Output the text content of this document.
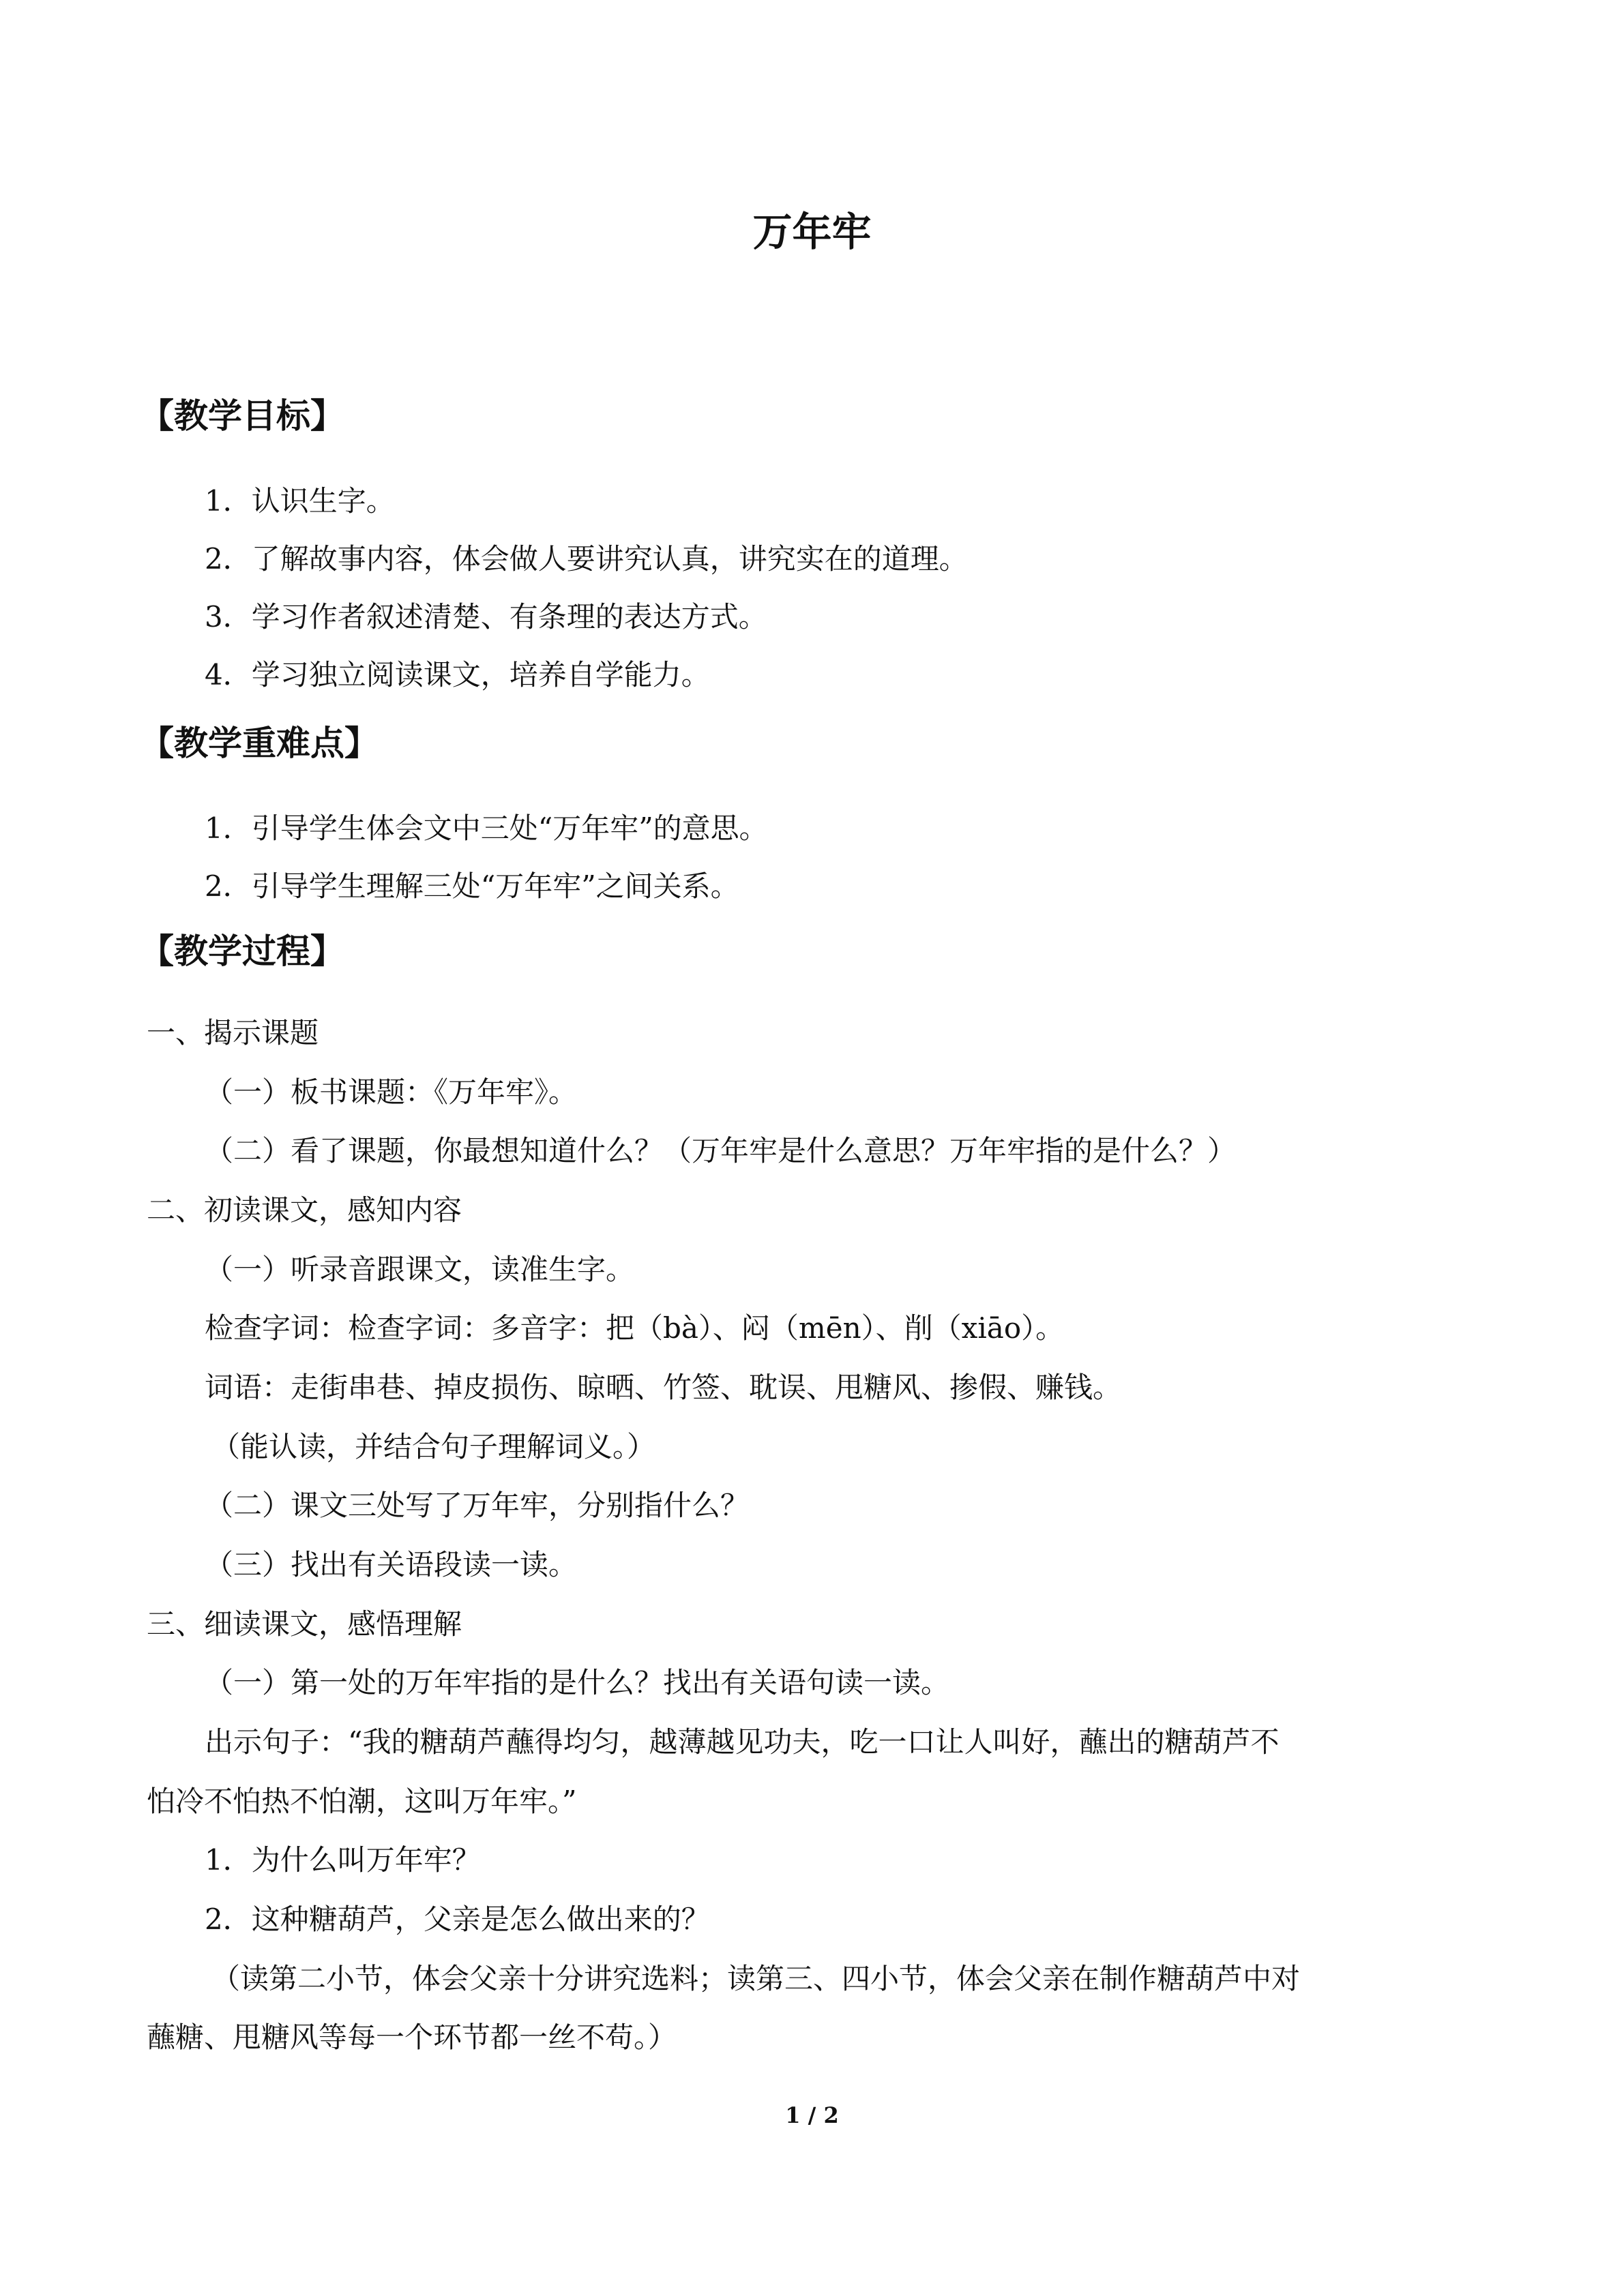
万年牢
【教学目标】
1．认识生字。
2．了解故事内容，体会做人要讲究认真，讲究实在的道理。
3．学习作者叙述清楚、有条理的表达方式。
4．学习独立阅读课文，培养自学能力。
【教学重难点】
1．引导学生体会文中三处“万年牢”的意思。
2．引导学生理解三处“万年牢”之间关系。
【教学过程】
一、揭示课题
（一）板书课题：《万年牢》。
（二）看了课题，你最想知道什么？（万年牢是什么意思？万年牢指的是什么？）
二、初读课文，感知内容
（一）听录音跟课文，读准生字。
检查字词：检查字词：多音字：把（bà）、闷（mēn）、削（xiāo）。
词语：走街串巷、掉皮损伤、晾晒、竹签、耽误、甩糖风、掺假、赚钱。
（能认读，并结合句子理解词义。）
（二）课文三处写了万年牢，分别指什么？
（三）找出有关语段读一读。
三、细读课文，感悟理解
（一）第一处的万年牢指的是什么？找出有关语句读一读。
出示句子：“我的糖葫芦蘸得均匀，越薄越见功夫，吃一口让人叫好，蘸出的糖葫芦不
怕冷不怕热不怕潮，这叫万年牢。”
1．为什么叫万年牢？
2．这种糖葫芦，父亲是怎么做出来的？
（读第二小节，体会父亲十分讲究选料；读第三、四小节，体会父亲在制作糖葫芦中对
蘸糖、甩糖风等每一个环节都一丝不苟。）
1 / 2
